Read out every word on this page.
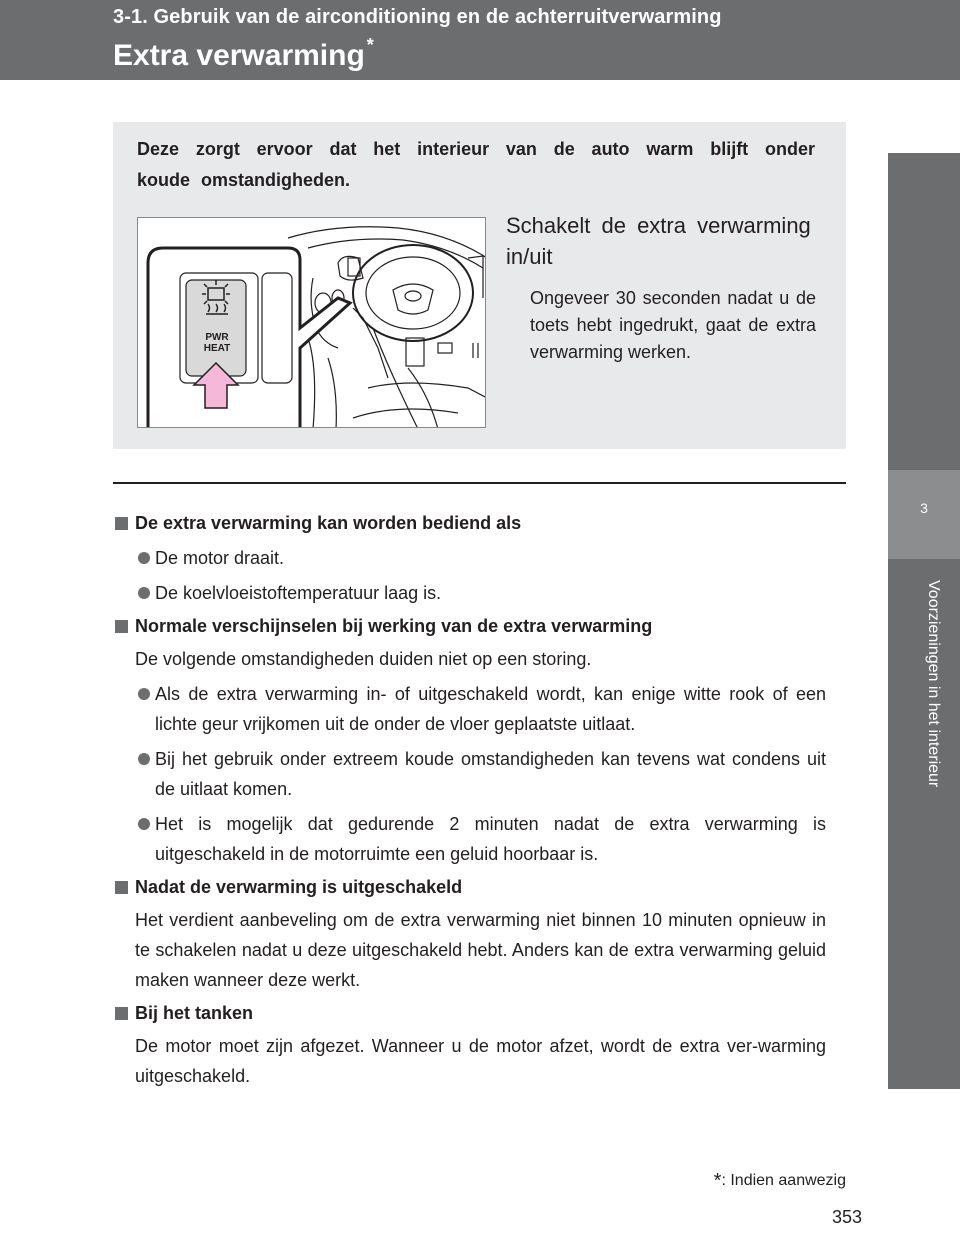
3-1. Gebruik van de airconditioning en de achterruitverwarming
Extra verwarming *
3
Voorzieningen in het interieur
Deze zorgt ervoor dat het interieur van de auto warm blijft onder koude omstandigheden.
PWR
HEAT
Schakelt de extra verwarming in/uit
Ongeveer 30 seconden nadat u de toets hebt ingedrukt, gaat de extra verwarming werken.
De extra verwarming kan worden bediend als
De motor draait.
De koelvloeistoftemperatuur laag is.
Normale verschijnselen bij werking van de extra verwarming
De volgende omstandigheden duiden niet op een storing.
Als de extra verwarming in- of uitgeschakeld wordt, kan enige witte rook of een lichte geur vrijkomen uit de onder de vloer geplaatste uitlaat.
Bij het gebruik onder extreem koude omstandigheden kan tevens wat condens uit de uitlaat komen.
Het is mogelijk dat gedurende 2 minuten nadat de extra verwarming is uitgeschakeld in de motorruimte een geluid hoorbaar is.
Nadat de verwarming is uitgeschakeld
Het verdient aanbeveling om de extra verwarming niet binnen 10 minuten opnieuw in te schakelen nadat u deze uitgeschakeld hebt. Anders kan de extra verwarming geluid maken wanneer deze werkt.
Bij het tanken
De motor moet zijn afgezet. Wanneer u de motor afzet, wordt de extra ver-warming uitgeschakeld.
*: Indien aanwezig
353
